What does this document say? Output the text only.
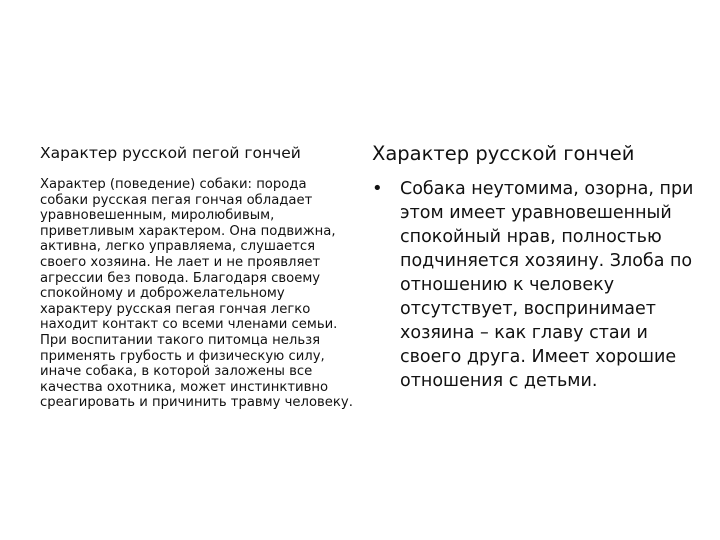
Характер русской пегой гончей

Характер (поведение) собаки: порода собаки русская пегая гончая обладает уравновешенным, миролюбивым, приветливым характером. Она подвижна, активна, легко управляема, слушается своего хозяина. Не лает и не проявляет агрессии без повода. Благодаря своему спокойному и доброжелательному характеру русская пегая гончая легко находит контакт со всеми членами семьи. При воспитании такого питомца нельзя применять грубость и физическую силу, иначе собака, в которой заложены все качества охотника, может инстинктивно среагировать и причинить травму человеку.

Характер русской гончей
• Собака неутомима, озорна, при этом имеет уравновешенный спокойный нрав, полностью подчиняется хозяину. Злоба по отношению к человеку отсутствует, воспринимает хозяина – как главу стаи и своего друга. Имеет хорошие отношения с детьми.
